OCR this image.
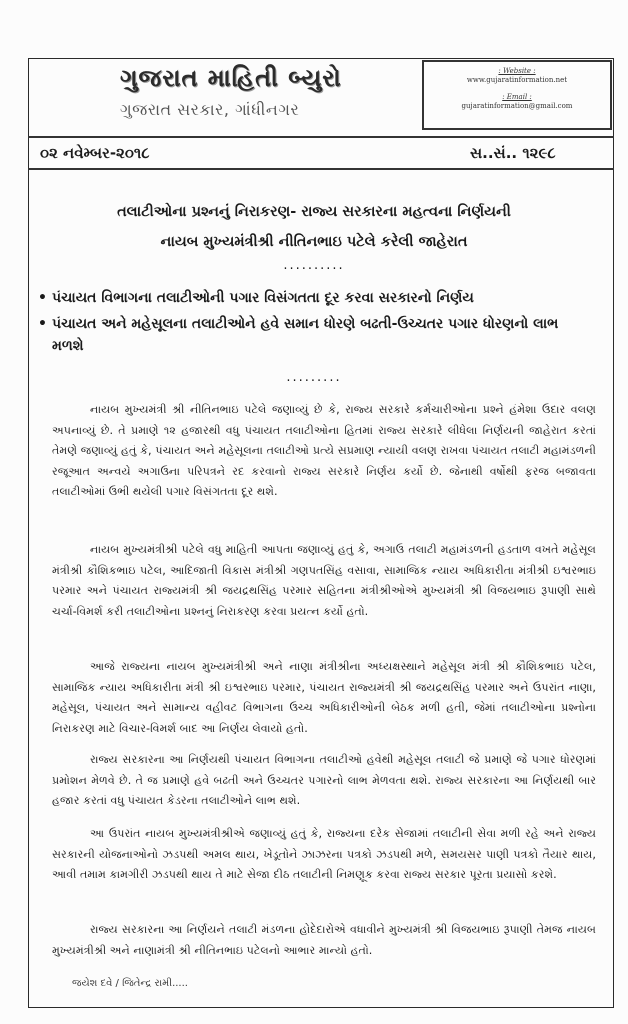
ગુજરાત માહિતી બ્યુરો
ગુજરાત સરકાર, ગાંધીનગર
: Website :
www.gujaratinformation.net
: Email :
gujaratinformation@gmail.com
૦૨ નવેમ્બર-૨૦૧૮	સ..સં.. ૧૨૯૮
તલાટીઓના પ્રશ્નનું નિરાકરણ- રાજ્ય સરકારના મહત્વના નિર્ણયની
નાયબ મુખ્યમંત્રીશ્રી નીતિનભાઇ પટેલે કરેલી જાહેરાત
..........
• પંચાયત વિભાગના તલાટીઓની પગાર વિસંગતતા દૂર કરવા સરકારનો નિર્ણય
• પંચાયત અને મહેસૂલના તલાટીઓને હવે સમાન ધોરણે બઢતી-ઉચ્ચતર પગાર ધોરણનો લાભ મળશે
.........
નાયબ મુખ્યમંત્રી શ્રી નીતિનભાઇ પટેલે જણાવ્યું છે કે, રાજ્ય સરકારે કર્મચારીઓના પ્રશ્ને હંમેશા ઉદાર વલણ અપનાવ્યું છે. તે પ્રમાણે ૧૨ હજારથી વધુ પંચાયત તલાટીઓના હિતમાં રાજ્ય સરકારે લીધેલા નિર્ણયની જાહેરાત કરતાં તેમણે જણાવ્યું હતું કે, પંચાયત અને મહેસૂલના તલાટીઓ પ્રત્યે સપ્રમાણ ન્યાયી વલણ રાખવા પંચાયત તલાટી મહામંડળની રજૂઆત અન્વયે અગાઉના પરિપત્રને રદ કરવાનો રાજ્ય સરકારે નિર્ણય કર્યો છે. જેનાથી વર્ષોથી ફરજ બજાવતા તલાટીઓમાં ઉભી થયેલી પગાર વિસંગતતા દૂર થશે.
નાયબ મુખ્યમંત્રીશ્રી પટેલે વધુ માહિતી આપતા જણાવ્યું હતું કે, અગાઉ તલાટી મહામંડળની હડતાળ વખતે મહેસૂલ મંત્રીશ્રી કૌશિકભાઇ પટેલ, આદિજાતી વિકાસ મંત્રીશ્રી ગણપતસિંહ વસાવા, સામાજિક ન્યાય અધિકારીતા મંત્રીશ્રી ઇશ્વરભાઇ પરમાર અને પંચાયત રાજ્યમંત્રી શ્રી જયદ્રથસિંહ પરમાર સહિતના મંત્રીશ્રીઓએ મુખ્યમંત્રી શ્રી વિજયભાઇ રૂપાણી સાથે ચર્ચા-વિમર્શ કરી તલાટીઓના પ્રશ્નનું નિરાકરણ કરવા પ્રયત્ન કર્યો હતો.
આજે રાજ્યના નાયબ મુખ્યમંત્રીશ્રી અને નાણા મંત્રીશ્રીના અધ્યક્ષસ્થાને મહેસૂલ મંત્રી શ્રી કૌશિકભાઇ પટેલ, સામાજિક ન્યાય અધિકારીતા મંત્રી શ્રી ઇશ્વરભાઇ પરમાર, પંચાયત રાજ્યમંત્રી શ્રી જયદ્રથસિંહ પરમાર અને ઉપરાંત નાણા, મહેસૂલ, પંચાયત અને સામાન્ય વહીવટ વિભાગના ઉચ્ચ અધિકારીઓની બેઠક મળી હતી, જેમાં તલાટીઓના પ્રશ્નોના નિરાકરણ માટે વિચાર-વિમર્શ બાદ આ નિર્ણય લેવાયો હતો.
રાજ્ય સરકારના આ નિર્ણયથી પંચાયત વિભાગના તલાટીઓ હવેથી મહેસૂલ તલાટી જે પ્રમાણે જે પગાર ધોરણમાં પ્રમોશન મેળવે છે. તે જ પ્રમાણે હવે બઢતી અને ઉચ્ચતર પગારનો લાભ મેળવતા થશે. રાજ્ય સરકારના આ નિર્ણયથી બાર હજાર કરતાં વધુ પંચાયત કેડરના તલાટીઓને લાભ થશે.
આ ઉપરાંત નાયબ મુખ્યમંત્રીશ્રીએ જણાવ્યું હતું કે, રાજ્યના દરેક સેજામાં તલાટીની સેવા મળી રહે અને રાજ્ય સરકારની યોજનાઓનો ઝડપથી અમલ થાય, ખેડૂતોને ઝાઝરના પત્રકો ઝડપથી મળે, સમયસર પાણી પત્રકો તૈયાર થાય, આવી તમામ કામગીરી ઝડપથી થાય તે માટે સેજા દીઠ તલાટીની નિમણૂક કરવા રાજ્ય સરકાર પૂરતા પ્રયાસો કરશે.
રાજ્ય સરકારના આ નિર્ણયને તલાટી મંડળના હોદેદારોએ વધાવીને મુખ્યમંત્રી શ્રી વિજયભાઇ રૂપાણી તેમજ નાયબ મુખ્યમંત્રીશ્રી અને નાણામંત્રી શ્રી નીતિનભાઇ પટેલનો આભાર માન્યો હતો.
જયેશ દવે / જિતેન્દ્ર રામી.....
